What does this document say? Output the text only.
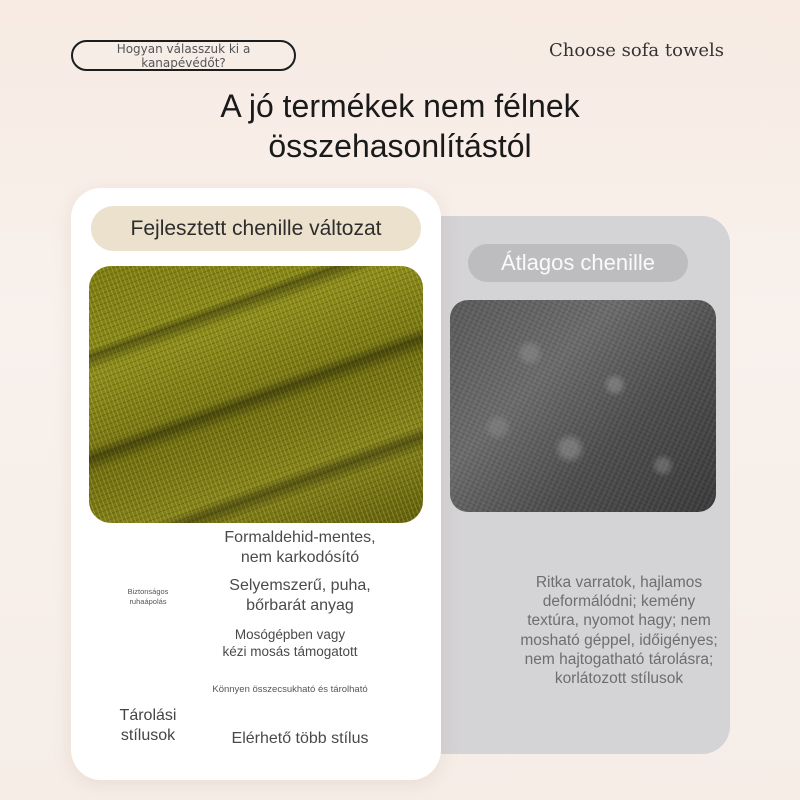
Hogyan válasszuk ki a kanapévédőt?
Choose sofa towels
A jó termékek nem félnek
összehasonlítástól
Átlagos chenille
Ritka varratok, hajlamos
deformálódni; kemény
textúra, nyomot hagy; nem
mosható géppel, időigényes;
nem hajtogatható tárolásra;
korlátozott stílusok
Fejlesztett chenille változat
Formaldehid-mentes,
nem karkodósító
Selyemszerű, puha,
bőrbarát anyag
Mosógépben vagy
kézi mosás támogatott
Könnyen összecsukható és tárolható
Elérhető több stílus
Biztonságos
ruhaápolás
Tárolási
stílusok
